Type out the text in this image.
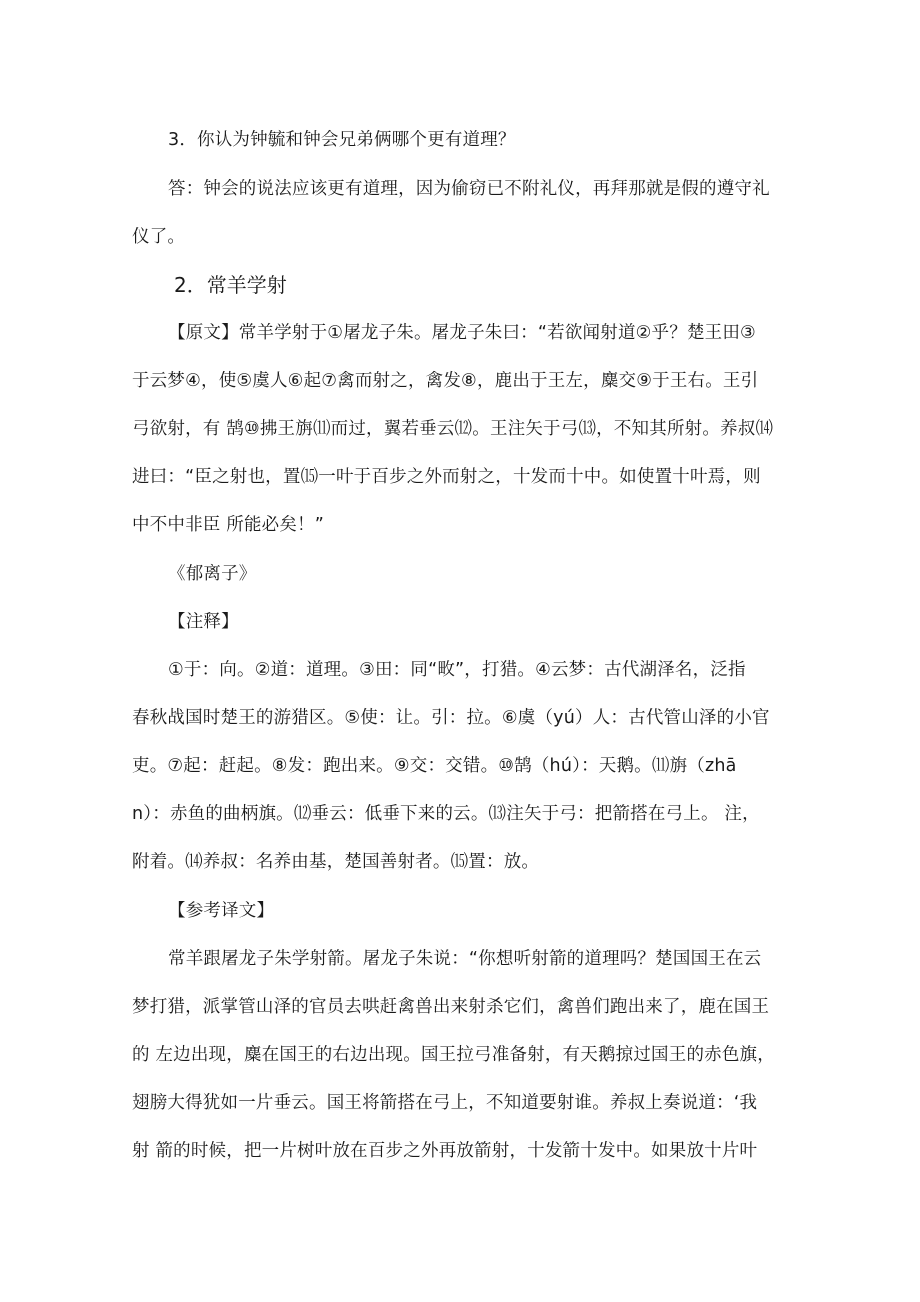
3．你认为钟毓和钟会兄弟俩哪个更有道理？
答：钟会的说法应该更有道理，因为偷窃已不附礼仪，再拜那就是假的遵守礼
仪了。
2．常羊学射
【原文】常羊学射于①屠龙子朱。屠龙子朱曰：“若欲闻射道②乎？楚王田③
于云梦④，使⑤虞人⑥起⑦禽而射之，禽发⑧，鹿出于王左，麋交⑨于王右。王引
弓欲射，有 鹄⑩拂王旃⑾而过，翼若垂云⑿。王注矢于弓⒀，不知其所射。养叔⒁
进曰：“臣之射也，置⒂一叶于百步之外而射之，十发而十中。如使置十叶焉，则
中不中非臣 所能必矣！”
《郁离子》
【注释】
①于：向。②道：道理。③田：同“畋”，打猎。④云梦：古代湖泽名，泛指
春秋战国时楚王的游猎区。⑤使：让。引：拉。⑥虞（yú）人：古代管山泽的小官
吏。⑦起：赶起。⑧发：跑出来。⑨交：交错。⑩鹄（hú）：天鹅。⑾旃（zhā
n）：赤鱼的曲柄旗。⑿垂云：低垂下来的云。⒀注矢于弓：把箭搭在弓上。 注，
附着。⒁养叔：名养由基，楚国善射者。⒂置：放。
【参考译文】
常羊跟屠龙子朱学射箭。屠龙子朱说：“你想听射箭的道理吗？楚国国王在云
梦打猎，派掌管山泽的官员去哄赶禽兽出来射杀它们，禽兽们跑出来了，鹿在国王
的 左边出现，麋在国王的右边出现。国王拉弓准备射，有天鹅掠过国王的赤色旗，
翅膀大得犹如一片垂云。国王将箭搭在弓上，不知道要射谁。养叔上奏说道：‘我
射 箭的时候，把一片树叶放在百步之外再放箭射，十发箭十发中。如果放十片叶
